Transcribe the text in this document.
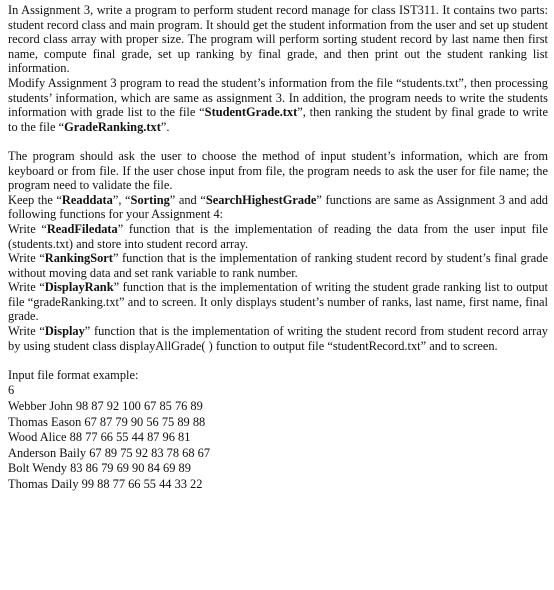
In Assignment 3, write a program to perform student record manage for class IST311. It contains two parts: student record class and main program. It should get the student information from the user and set up student record class array with proper size. The program will perform sorting student record by last name then first name, compute final grade, set up ranking by final grade, and then print out the student ranking list information.

Modify Assignment 3 program to read the student’s information from the file “students.txt”, then processing students’ information, which are same as assignment 3. In addition, the program needs to write the students information with grade list to the file “StudentGrade.txt”, then ranking the student by final grade to write to the file “GradeRanking.txt”.

The program should ask the user to choose the method of input student’s information, which are from keyboard or from file. If the user chose input from file, the program needs to ask the user for file name; the program need to validate the file.

Keep the “Readdata”, “Sorting” and “SearchHighestGrade” functions are same as Assignment 3 and add following functions for your Assignment 4:

Write “ReadFiledata” function that is the implementation of reading the data from the user input file (students.txt) and store into student record array.

Write “RankingSort” function that is the implementation of ranking student record by student’s final grade without moving data and set rank variable to rank number.

Write “DisplayRank” function that is the implementation of writing the student grade ranking list to output file “gradeRanking.txt” and to screen. It only displays student’s number of ranks, last name, first name, final grade.

Write “Display” function that is the implementation of writing the student record from student record array by using student class displayAllGrade( ) function to output file “studentRecord.txt” and to screen.

Input file format example:
6
Webber John 98 87 92 100 67 85 76 89
Thomas Eason 67 87 79 90 56 75 89 88
Wood Alice 88 77 66 55 44 87 96 81
Anderson Baily 67 89 75 92 83 78 68 67
Bolt Wendy 83 86 79 69 90 84 69 89
Thomas Daily 99 88 77 66 55 44 33 22
